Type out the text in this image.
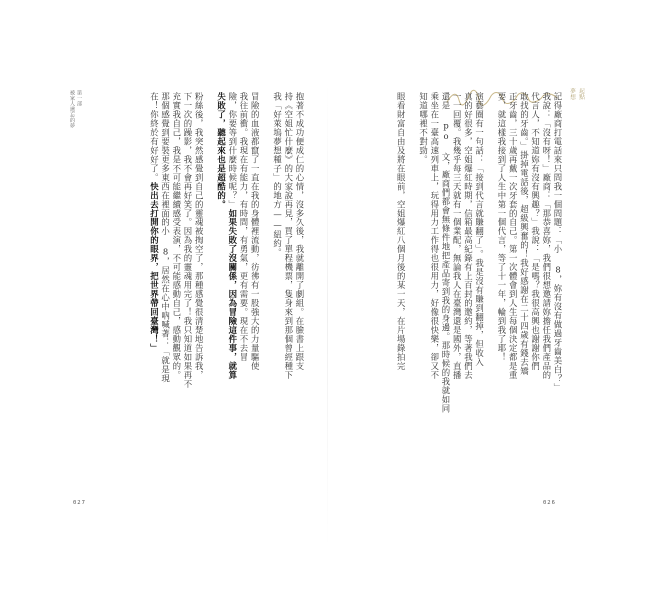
第一部
被家人遺忘的夢	抱著不成功便成仁的心情，沒多久後，我就離開了劇組。在臉書上跟支
持《空姐忙什麼》的大家說再見，買了單程機票，隻身來到那個曾經種下
我「好萊塢夢想種子」的地方——紐約。
冒險的血液都竄了一直在我的身體裡流動，彷彿有一股強大的力量驅使
我往前衝。我現在有能力，有時間，有勇氣，更有需要。現在不去冒
險，你要等到什麼時候呢？」如果失敗了沒關係，因為冒險這件事，就算
失敗了，聽起來也是超酷的。
粉絲後，我突然感覺到自己的靈魂被掏空了，那種感覺很清楚地告訴我，
下一次的躁影，我不會再好笑了。因為我的靈魂用完了！我只知道如果再不
充實我自己，我是不可能繼續感受表演，不可能感動自己，感動觀眾的。
那個感覺到要裝更多東西在裡面的小 8，居然在心中吶喊著：「就是現
在！你終於有好好了。快出去打開你的眼界，把世界帶回臺灣！」
027
起點
夢想
記得廠商打電話來只問我一個問題：「小 8，妳有沒有做過牙齒美白？」
我說：「沒有呀！」廠商：「那恭喜妳，我們很想邀請妳擔任我們產品的
代言人，不知道妳有沒有興趣？」我說：「是嗎？我很高興也謝謝你們
敢找的牙齒。」掛掉電話後，超級興奮的！我好感謝在二十四歲有錢去矯
正牙齒，三十歲再戴一次牙套的自己。第一次體會到人生每個決定都是重
要，就這樣我接到了人生中第一個代言，等了十一年，輪到我了耶！
演藝圈有一句話：「接到代言就賺翻了」。我是沒有賺到翻掉，但收入
真的好很多，空姐爆紅時期，信箱最高紀錄有上百封的邀約，等著我們去
一一回覆。我幾乎每三天就有一個業配，無論我人在臺灣還是國外，直播
還是 po 文，廠商們都會無條件地把產品寄到我的身邊。那時候的我就如同
乘坐在一臺高速列車上，玩得用力工作得也很用力，好像很快樂，卻又不
知道哪裡不對勁。
眼看財富自由及將在眼前，空姐爆紅八個月後的某一天，在片場錄拍完
026
